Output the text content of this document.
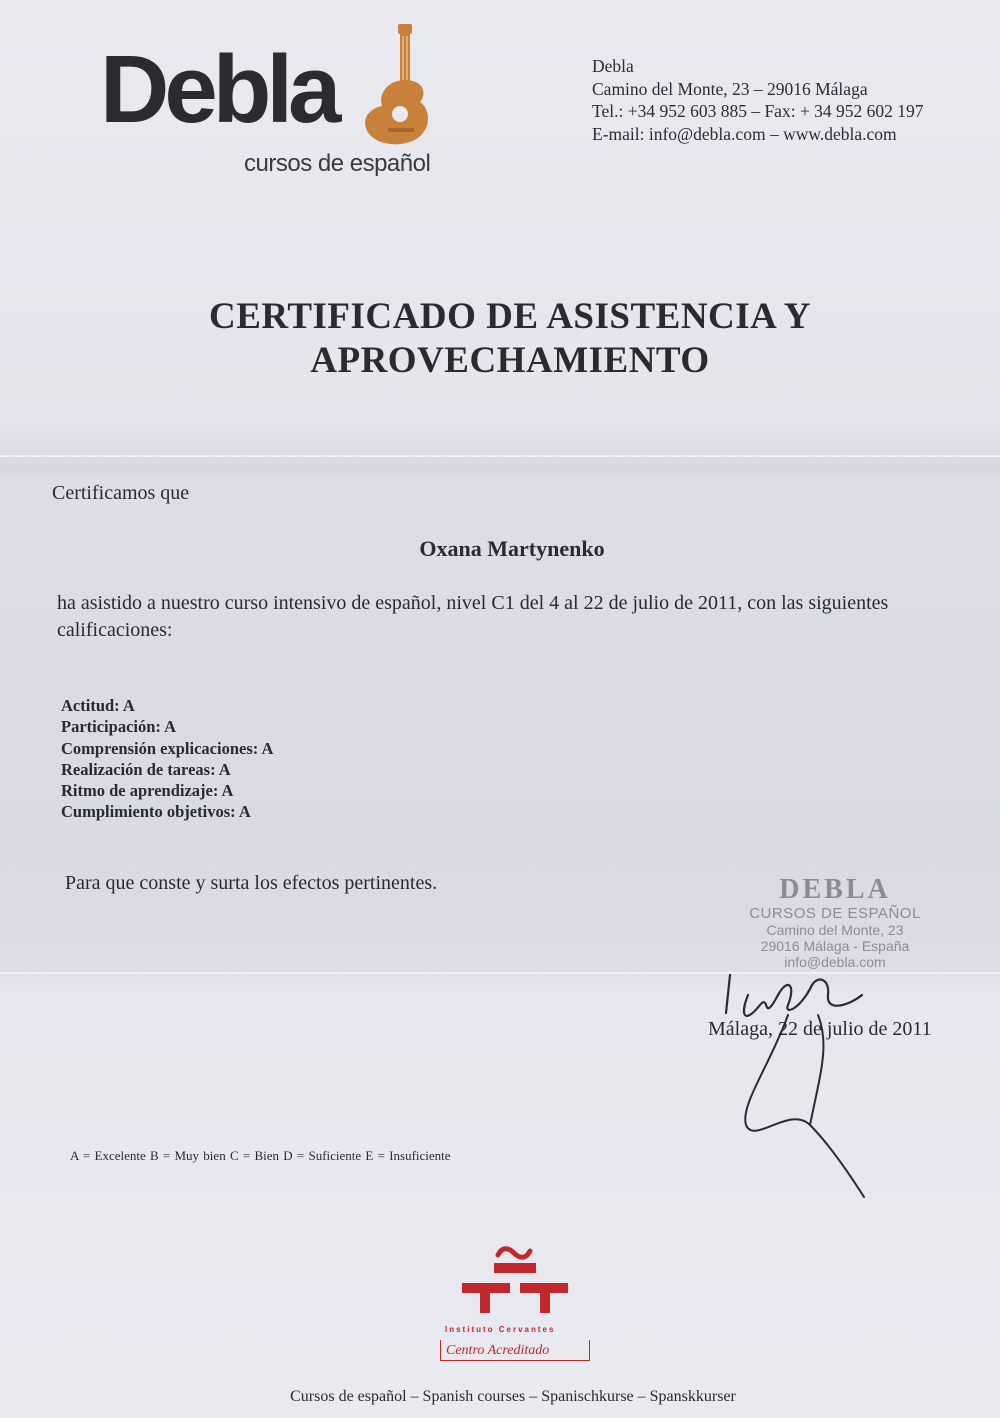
Debla
cursos de español
Debla
Camino del Monte, 23 – 29016 Málaga
Tel.: +34 952 603 885 – Fax: + 34 952 602 197
E-mail: info@debla.com – www.debla.com
CERTIFICADO DE ASISTENCIA Y
APROVECHAMIENTO
Certificamos que
Oxana Martynenko
ha asistido a nuestro curso intensivo de español, nivel C1 del 4 al 22 de julio de 2011, con las siguientes calificaciones:
Actitud: A
Participación: A
Comprensión explicaciones: A
Realización de tareas: A
Ritmo de aprendizaje: A
Cumplimiento objetivos: A
Para que conste y surta los efectos pertinentes.	DEBLA
CURSOS DE ESPAÑOL
Camino del Monte, 23
29016 Málaga - España
info@debla.com
Málaga, 22 de julio de 2011
A = Excelente B = Muy bien C = Bien D = Suficiente E = Insuficiente
Instituto Cervantes
Centro Acreditado
Cursos de español – Spanish courses – Spanischkurse – Spanskkurser
